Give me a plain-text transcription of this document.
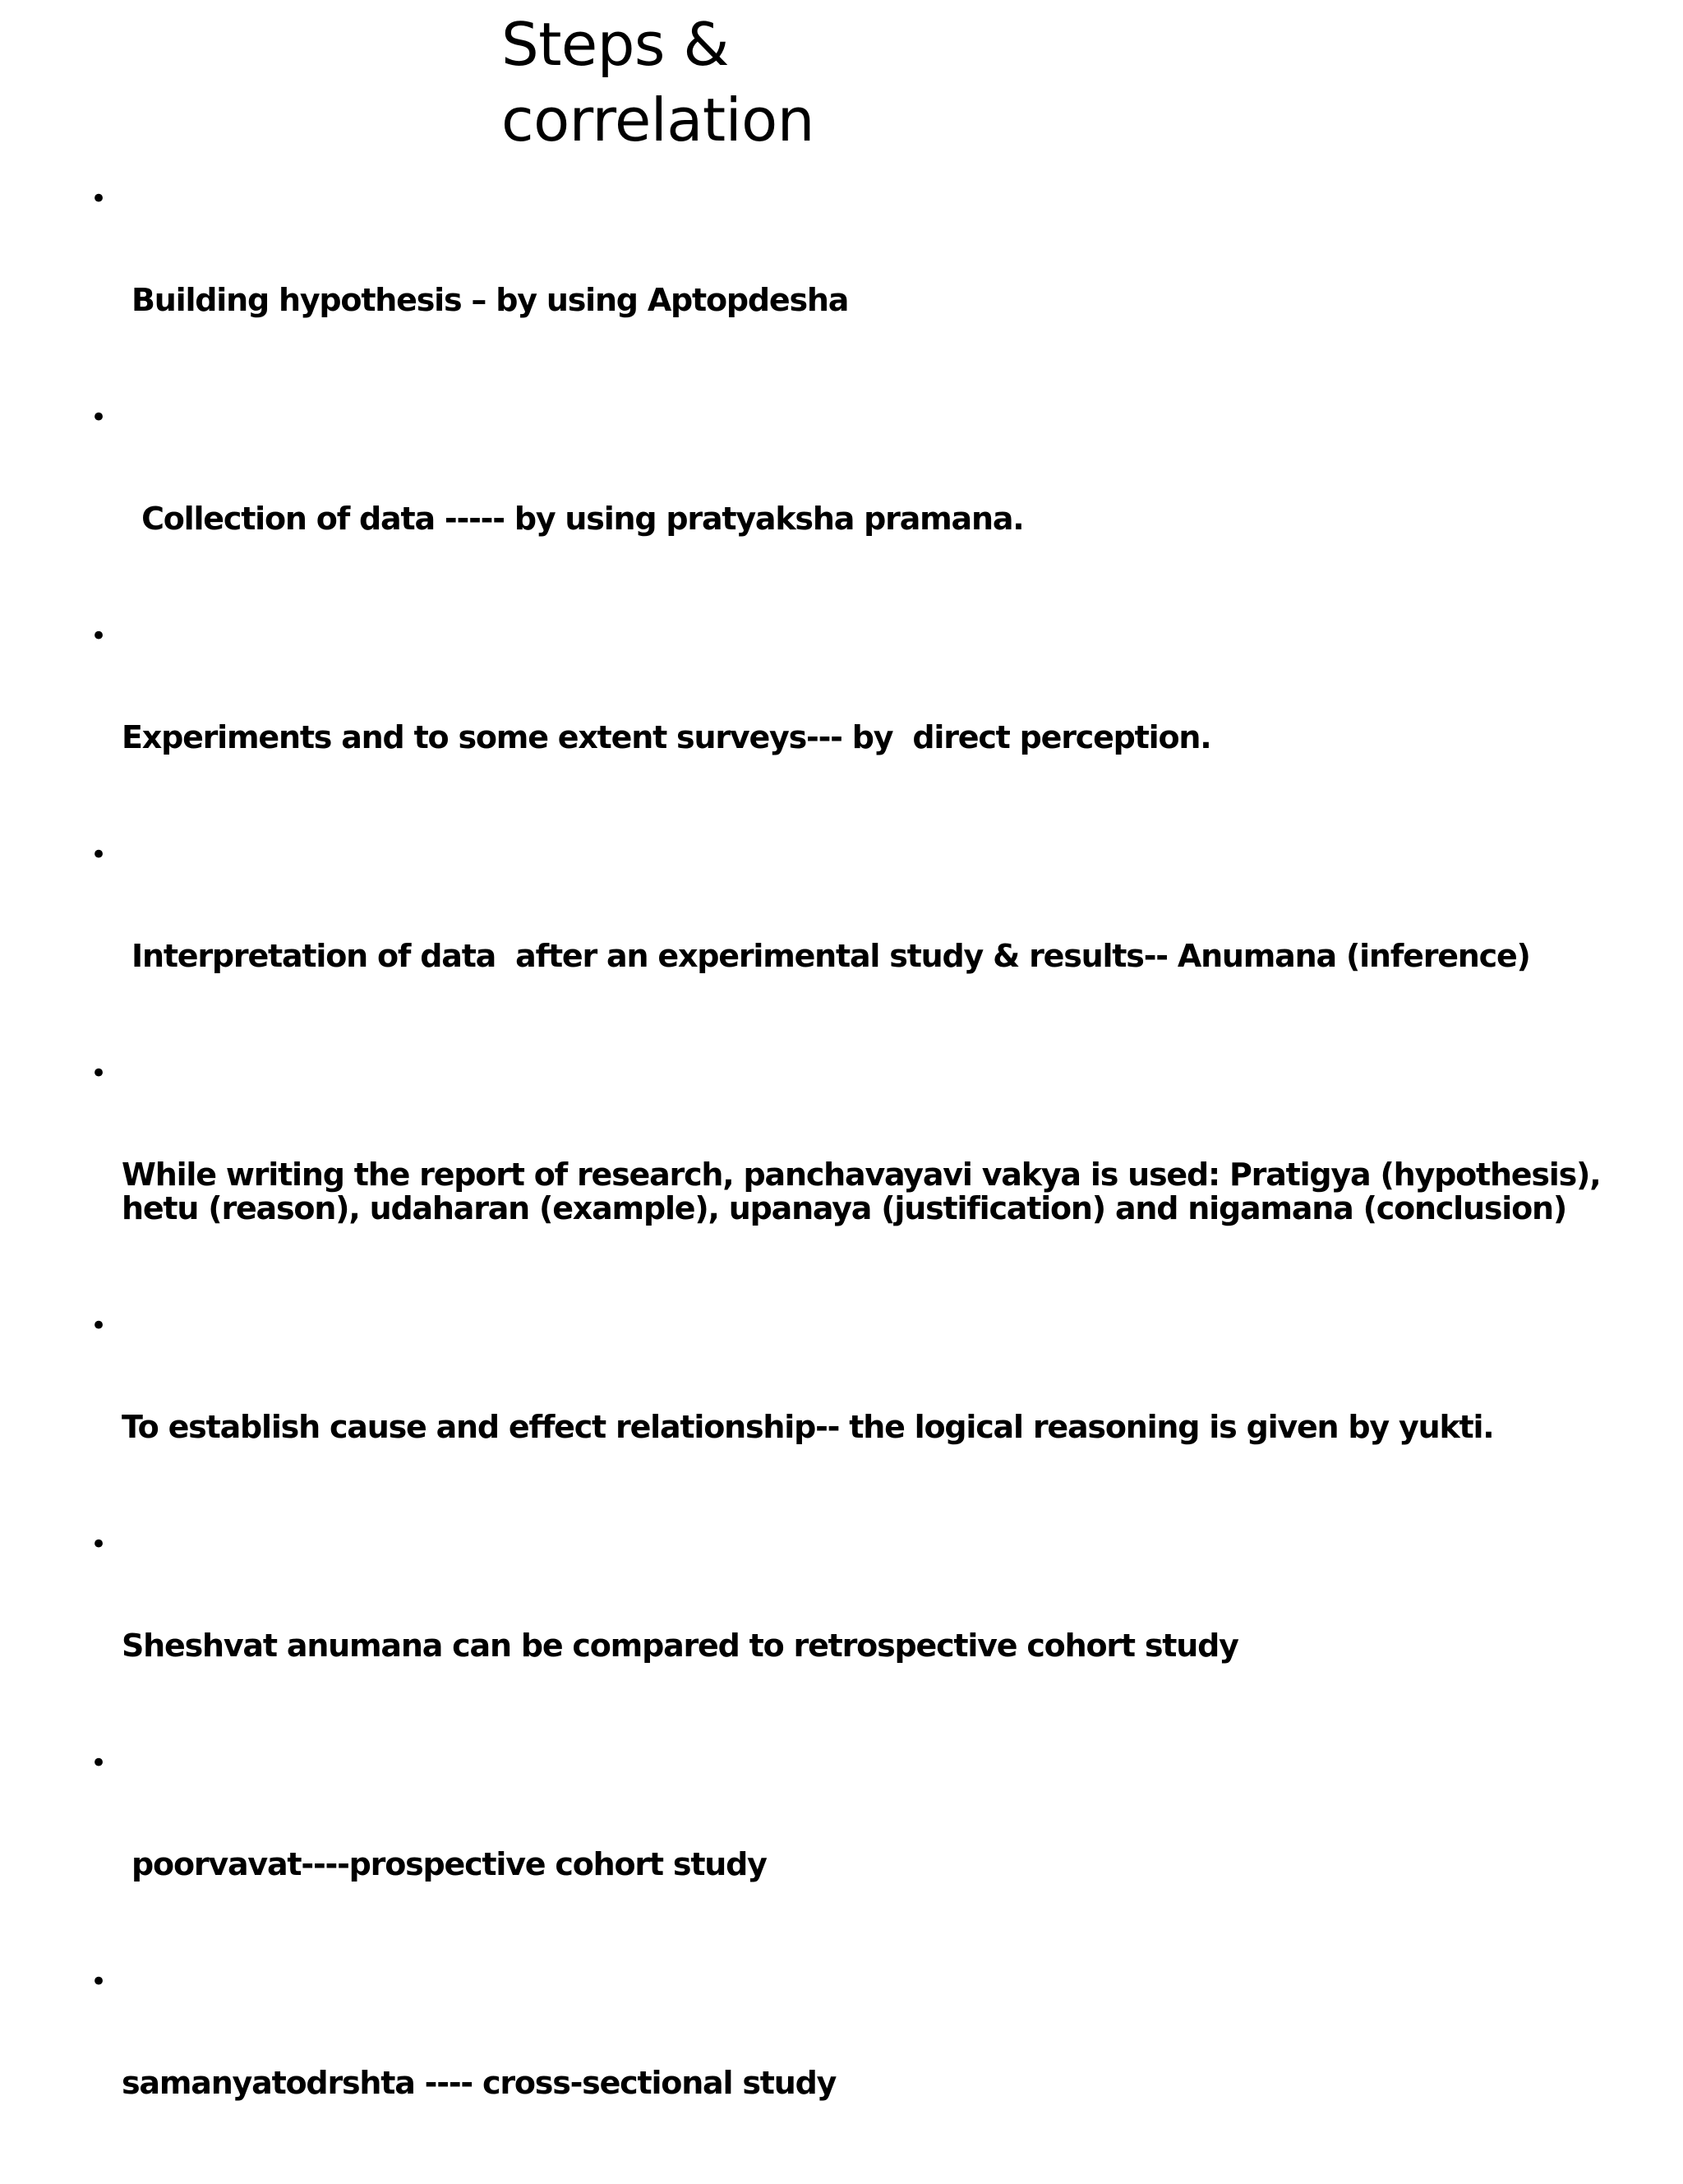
Steps &
correlation

•

Building hypothesis – by using Aptopdesha

•

Collection of data ----- by using pratyaksha pramana.

•

Experiments and to some extent surveys--- by  direct perception.

•

Interpretation of data  after an experimental study & results-- Anumana (inference)

•

While writing the report of research, panchavayavi vakya is used: Pratigya (hypothesis), hetu (reason), udaharan (example), upanaya (justification) and nigamana (conclusion)

•

To establish cause and effect relationship-- the logical reasoning is given by yukti.

•

Sheshvat anumana can be compared to retrospective cohort study

•

poorvavat----prospective cohort study

•

samanyatodrshta ---- cross-sectional study
